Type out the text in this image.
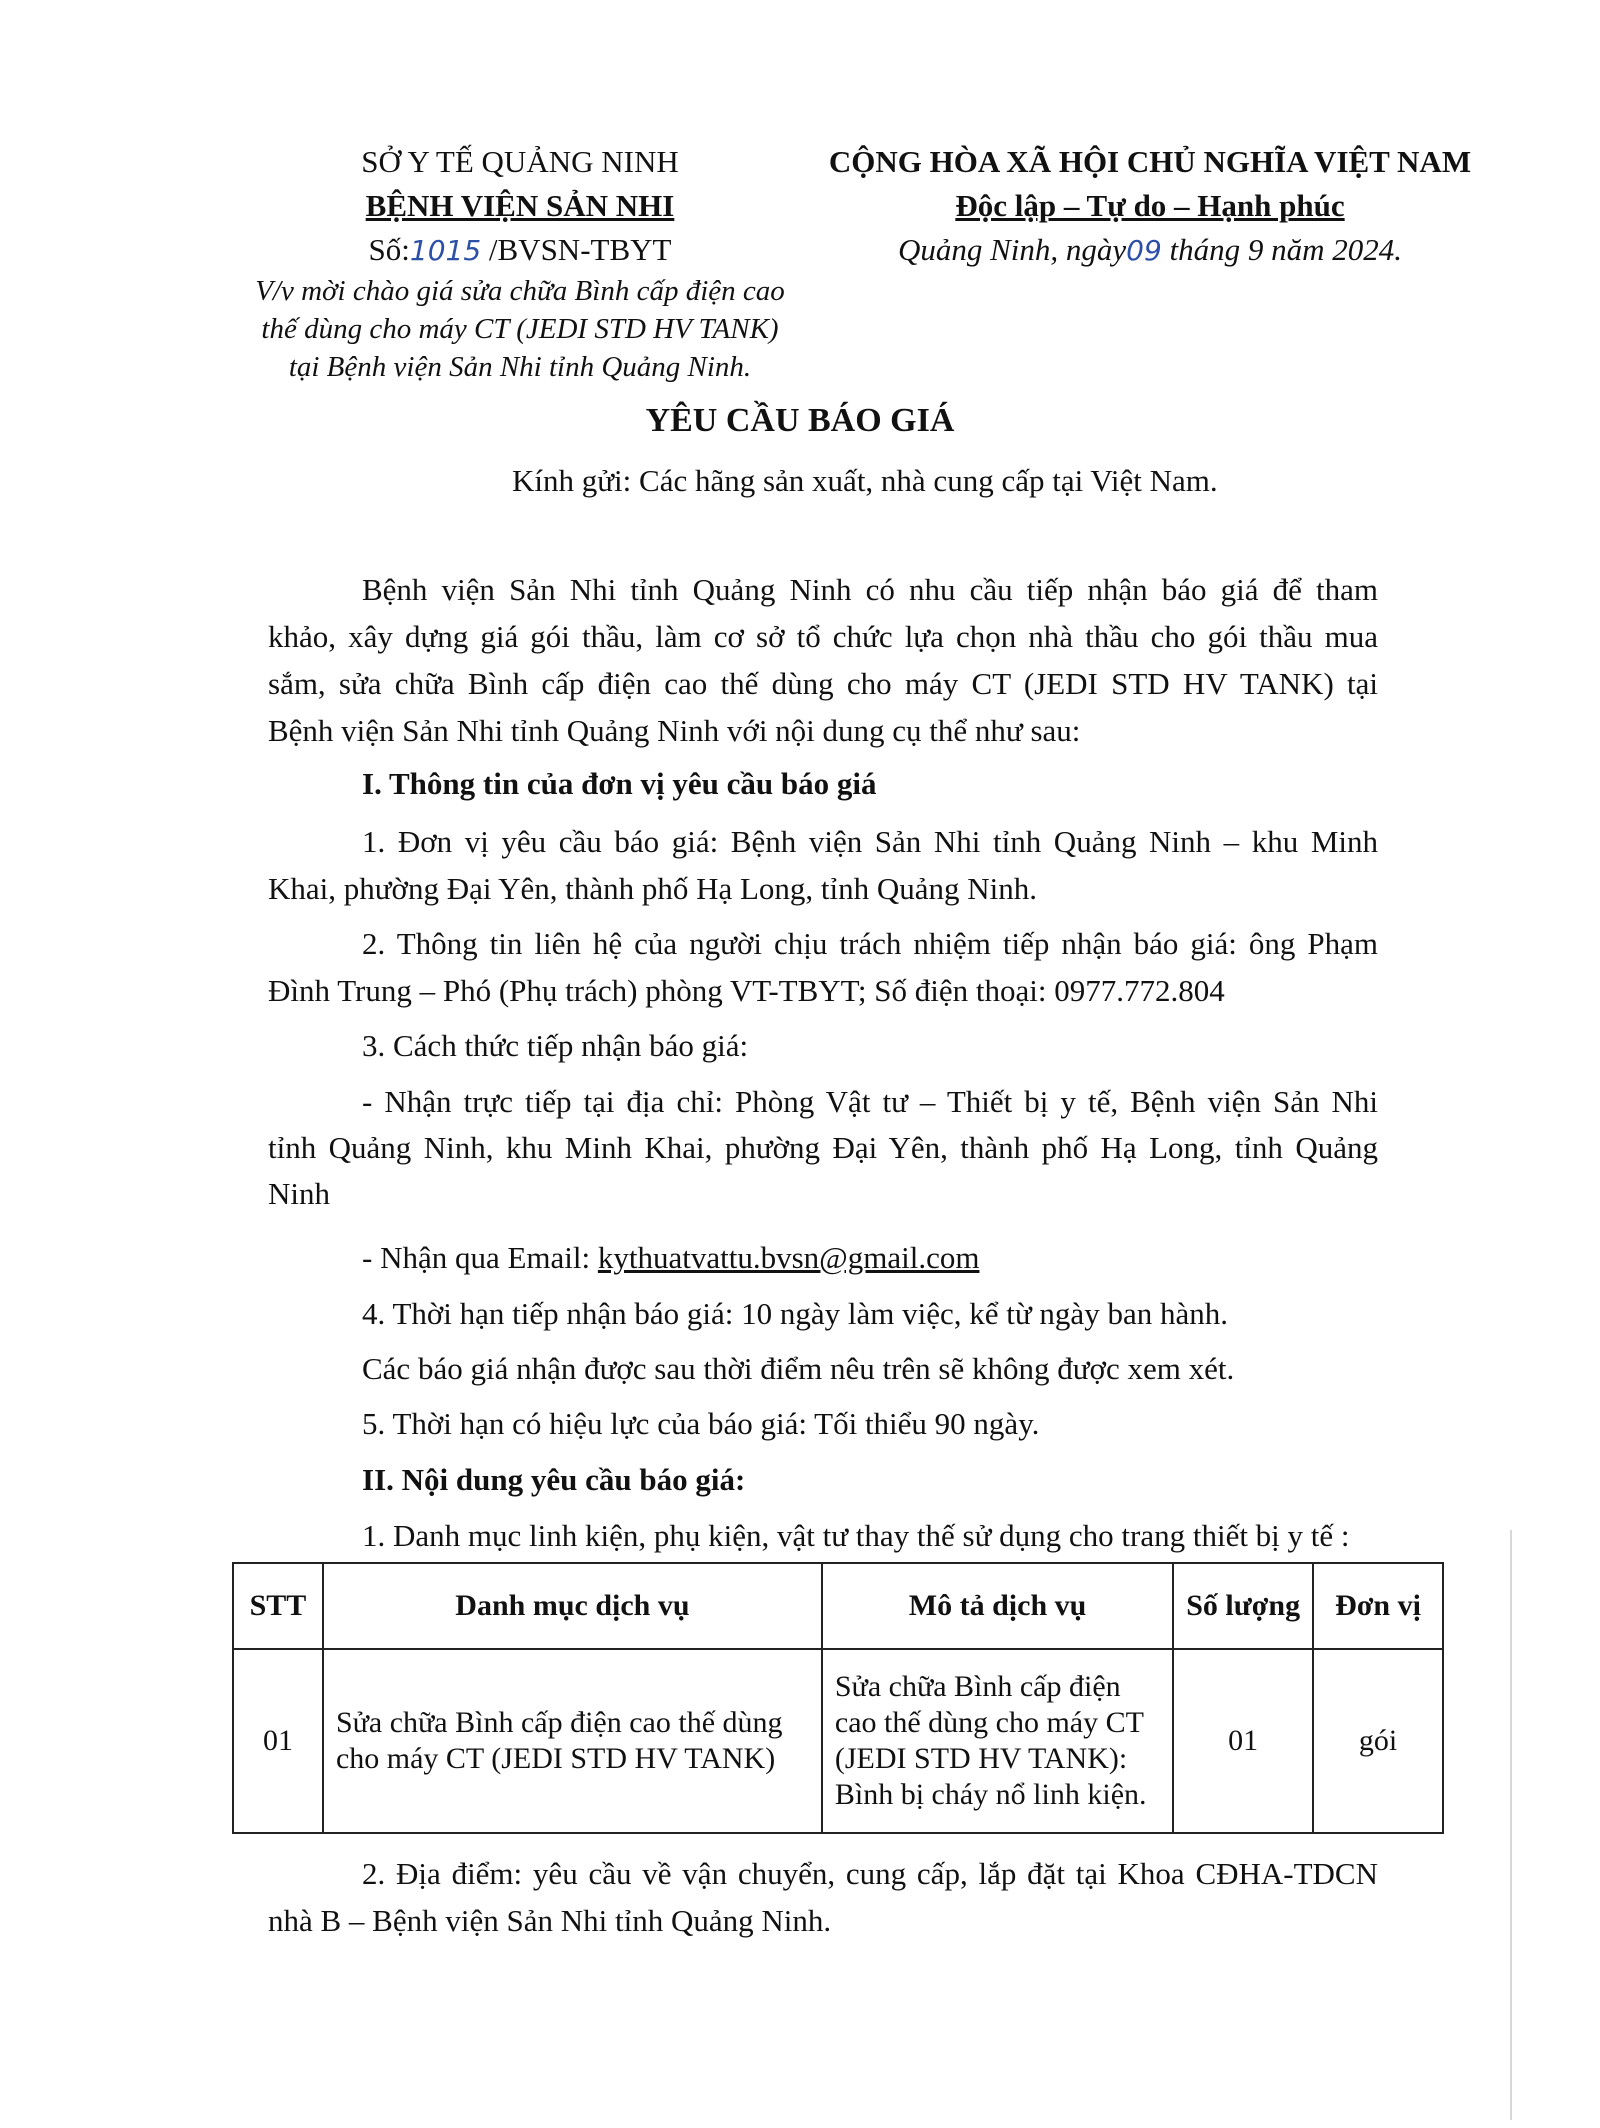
SỞ Y TẾ QUẢNG NINH
BỆNH VIỆN SẢN NHI
Số:1015 /BVSN-TBYT
V/v mời chào giá sửa chữa Bình cấp điện cao
thế dùng cho máy CT (JEDI STD HV TANK)
tại Bệnh viện Sản Nhi tỉnh Quảng Ninh.
CỘNG HÒA XÃ HỘI CHỦ NGHĨA VIỆT NAM
Độc lập – Tự do – Hạnh phúc
Quảng Ninh, ngày09 tháng 9 năm 2024.
YÊU CẦU BÁO GIÁ
Kính gửi: Các hãng sản xuất, nhà cung cấp tại Việt Nam.
Bệnh viện Sản Nhi tỉnh Quảng Ninh có nhu cầu tiếp nhận báo giá để tham
khảo, xây dựng giá gói thầu, làm cơ sở tổ chức lựa chọn nhà thầu cho gói thầu mua
sắm, sửa chữa Bình cấp điện cao thế dùng cho máy CT (JEDI STD HV TANK) tại
Bệnh viện Sản Nhi tỉnh Quảng Ninh với nội dung cụ thể như sau:
I. Thông tin của đơn vị yêu cầu báo giá
1. Đơn vị yêu cầu báo giá: Bệnh viện Sản Nhi tỉnh Quảng Ninh – khu Minh
Khai, phường Đại Yên, thành phố Hạ Long, tỉnh Quảng Ninh.
2. Thông tin liên hệ của người chịu trách nhiệm tiếp nhận báo giá: ông Phạm
Đình Trung – Phó (Phụ trách) phòng VT-TBYT; Số điện thoại: 0977.772.804
3. Cách thức tiếp nhận báo giá:
- Nhận trực tiếp tại địa chỉ: Phòng Vật tư – Thiết bị y tế, Bệnh viện Sản Nhi
tỉnh Quảng Ninh, khu Minh Khai, phường Đại Yên, thành phố Hạ Long, tỉnh Quảng
Ninh
- Nhận qua Email: kythuatvattu.bvsn@gmail.com
4. Thời hạn tiếp nhận báo giá: 10 ngày làm việc, kể từ ngày ban hành.
Các báo giá nhận được sau thời điểm nêu trên sẽ không được xem xét.
5. Thời hạn có hiệu lực của báo giá: Tối thiểu 90 ngày.
II. Nội dung yêu cầu báo giá:
1. Danh mục linh kiện, phụ kiện, vật tư thay thế sử dụng cho trang thiết bị y tế :
STT	Danh mục dịch vụ	Mô tả dịch vụ	Số lượng	Đơn vị
01	Sửa chữa Bình cấp điện cao thế dùng cho máy CT (JEDI STD HV TANK)	Sửa chữa Bình cấp điện cao thế dùng cho máy CT (JEDI STD HV TANK): Bình bị cháy nổ linh kiện.	01	gói
2. Địa điểm: yêu cầu về vận chuyển, cung cấp, lắp đặt tại Khoa CĐHA-TDCN
nhà B – Bệnh viện Sản Nhi tỉnh Quảng Ninh.
